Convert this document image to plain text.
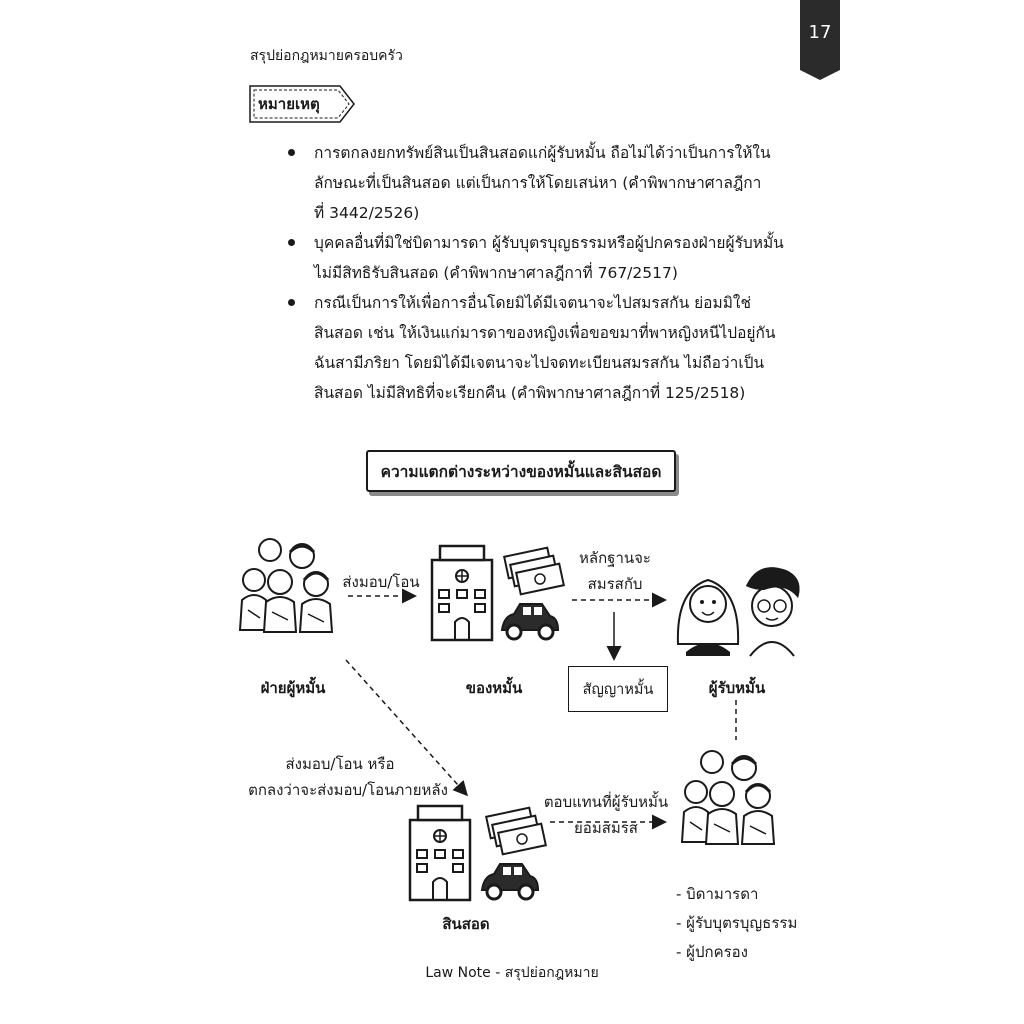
17
สรุปย่อกฎหมายครอบครัว
หมายเหตุ
การตกลงยกทรัพย์สินเป็นสินสอดแก่ผู้รับหมั้น ถือไม่ได้ว่าเป็นการให้ใน
ลักษณะที่เป็นสินสอด แต่เป็นการให้โดยเสน่หา (คำพิพากษาศาลฎีกา
ที่ 3442/2526)
บุคคลอื่นที่มิใช่บิดามารดา ผู้รับบุตรบุญธรรมหรือผู้ปกครองฝ่ายผู้รับหมั้น
ไม่มีสิทธิรับสินสอด (คำพิพากษาศาลฎีกาที่ 767/2517)
กรณีเป็นการให้เพื่อการอื่นโดยมิได้มีเจตนาจะไปสมรสกัน ย่อมมิใช่
สินสอด เช่น ให้เงินแก่มารดาของหญิงเพื่อขอขมาที่พาหญิงหนีไปอยู่กัน
ฉันสามีภริยา โดยมิได้มีเจตนาจะไปจดทะเบียนสมรสกัน ไม่ถือว่าเป็น
สินสอด ไม่มีสิทธิที่จะเรียกคืน (คำพิพากษาศาลฎีกาที่ 125/2518)
ความแตกต่างระหว่างของหมั้นและสินสอด
ฝ่ายผู้หมั้น
ส่งมอบ/โอน
ของหมั้น
หลักฐานจะ
สมรสกับ
สัญญาหมั้น	ผู้รับหมั้น
ส่งมอบ/โอน หรือ
ตกลงว่าจะส่งมอบ/โอนภายหลัง
ตอบแทนที่ผู้รับหมั้น
ยอมสมรส
สินสอด
- บิดามารดา
- ผู้รับบุตรบุญธรรม
- ผู้ปกครอง
Law Note - สรุปย่อกฎหมาย
